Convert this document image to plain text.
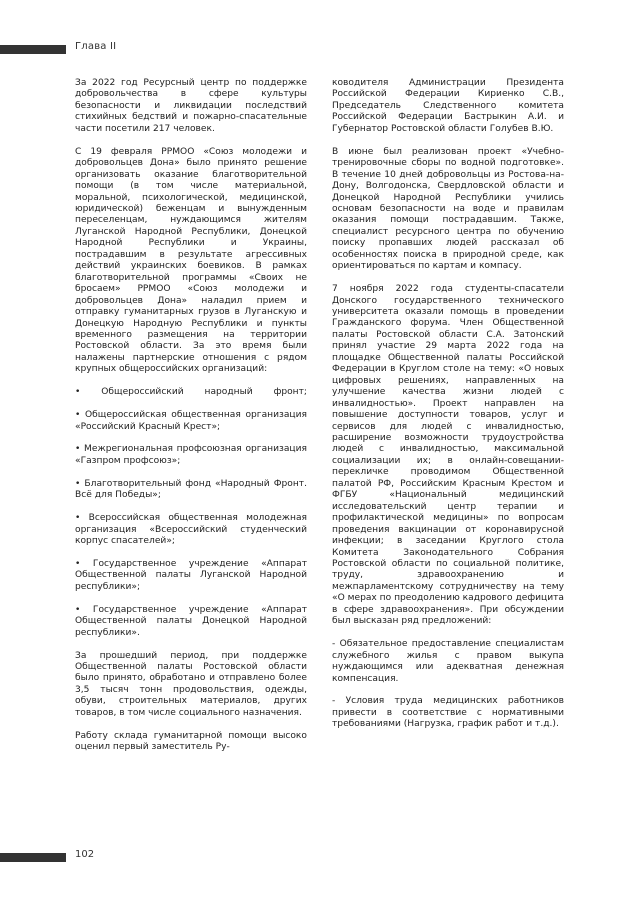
Глава II

За 2022 год Ресурсный центр по поддержке добровольчества в сфере культуры безопасности и ликвидации последствий стихийных бедствий и пожарно-спасательные части посетили 217 человек.

С 19 февраля РРМОО «Союз молодежи и добровольцев Дона» было принято решение организовать оказание благотворительной помощи (в том числе материальной, моральной, психологической, медицинской, юридической) беженцам и вынужденным переселенцам, нуждающимся жителям Луганской Народной Республики, Донецкой Народной Республики и Украины, пострадавшим в результате агрессивных действий украинских боевиков. В рамках благотворительной программы «Своих не бросаем» РРМОО «Союз молодежи и добровольцев Дона» наладил прием и отправку гуманитарных грузов в Луганскую и Донецкую Народную Республики и пункты временного размещения на территории Ростовской области. За это время были налажены партнерские отношения с рядом крупных общероссийских организаций:

• Общероссийский народный фронт;

• Общероссийская общественная организация «Российский Красный Крест»;

• Межрегиональная профсоюзная организация «Газпром профсоюз»;

• Благотворительный фонд «Народный Фронт. Всё для Победы»;

• Всероссийская общественная молодежная организация «Всероссийский студенческий корпус спасателей»;

• Государственное учреждение «Аппарат Общественной палаты Луганской Народной республики»;

• Государственное учреждение «Аппарат Общественной палаты Донецкой Народной республики».

За прошедший период, при поддержке Общественной палаты Ростовской области было принято, обработано и отправлено более 3,5 тысяч тонн продовольствия, одежды, обуви, строительных материалов, других товаров, в том числе социального назначения.

Работу склада гуманитарной помощи высоко оценил первый заместитель Ру-

ководителя Администрации Президента Российской Федерации Кириенко С.В., Председатель Следственного комитета Российской Федерации Бастрыкин А.И. и Губернатор Ростовской области Голубев В.Ю.

В июне был реализован проект «Учебно-тренировочные сборы по водной подготовке». В течение 10 дней добровольцы из Ростова-на-Дону, Волгодонска, Свердловской области и Донецкой Народной Республики учились основам безопасности на воде и правилам оказания помощи пострадавшим. Также, специалист ресурсного центра по обучению поиску пропавших людей рассказал об особенностях поиска в природной среде, как ориентироваться по картам и компасу.

7 ноября 2022 года студенты-спасатели Донского государственного технического университета оказали помощь в проведении Гражданского форума. Член Общественной палаты Ростовской области С.А. Затонский принял участие 29 марта 2022 года на площадке Общественной палаты Российской Федерации в Круглом столе на тему: «О новых цифровых решениях, направленных на улучшение качества жизни людей с инвалидностью». Проект направлен на повышение доступности товаров, услуг и сервисов для людей с инвалидностью, расширение возможности трудоустройства людей с инвалидностью, максимальной социализации их; в онлайн-совещании-перекличке проводимом Общественной палатой РФ, Российским Красным Крестом и ФГБУ «Национальный медицинский исследовательский центр терапии и профилактической медицины» по вопросам проведения вакцинации от коронавирусной инфекции; в заседании Круглого стола Комитета Законодательного Собрания Ростовской области по социальной политике, труду, здравоохранению и межпарламентскому сотрудничеству на тему «О мерах по преодолению кадрового дефицита в сфере здравоохранения». При обсуждении был высказан ряд предложений:

- Обязательное предоставление специалистам служебного жилья с правом выкупа нуждающимся или адекватная денежная компенсация.

- Условия труда медицинских работников привести в соответствие с нормативными требованиями (Нагрузка, график работ и т.д.).

102
